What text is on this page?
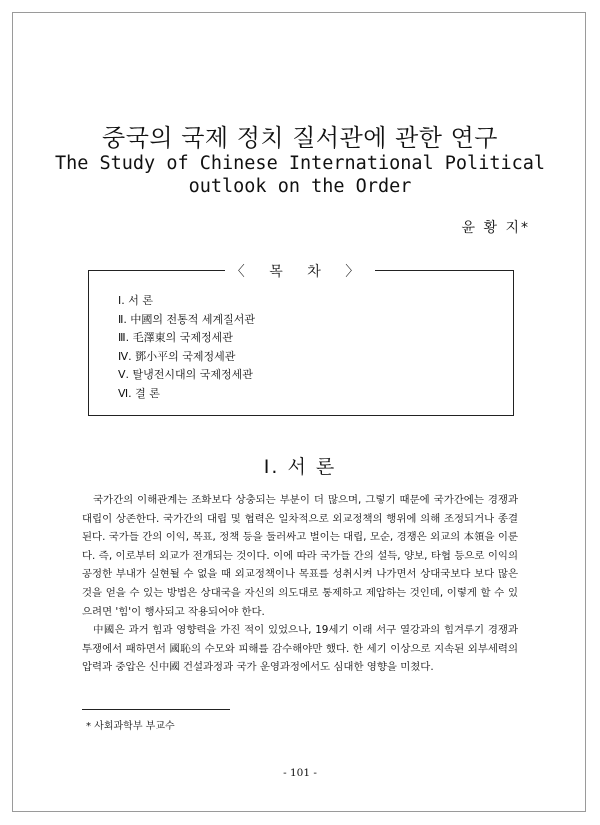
중국의 국제 정치 질서관에 관한 연구
The Study of Chinese International Political
outlook on the Order
윤 황 지*
〈 목 차 〉
Ⅰ. 서 론
Ⅱ. 中國의 전통적 세계질서관
Ⅲ. 毛澤東의 국제정세관
Ⅳ. 鄧小平의 국제정세관
Ⅴ. 탈냉전시대의 국제정세관
Ⅵ. 결 론
Ⅰ. 서 론

국가간의 이해관계는 조화보다 상충되는 부분이 더 많으며, 그렇기 때문에 국가간에는 경쟁과 대립이 상존한다. 국가간의 대립 및 협력은 일차적으로 외교정책의 행위에 의해 조정되거나 종결된다. 국가들 간의 이익, 목표, 정책 등을 둘러싸고 벌이는 대립, 모순, 경쟁은 외교의 本領을 이룬다. 즉, 이로부터 외교가 전개되는 것이다. 이에 따라 국가들 간의 설득, 양보, 타협 등으로 이익의 공정한 부내가 실현될 수 없을 때 외교정책이나 목표를 성취시켜 나가면서 상대국보다 보다 많은 것을 얻을 수 있는 방법은 상대국을 자신의 의도대로 통제하고 제압하는 것인데, 이렇게 할 수 있으려면 '힘'이 행사되고 작용되어야 한다.

中國은 과거 힘과 영향력을 가진 적이 있었으나, 19세기 이래 서구 열강과의 힘겨루기 경쟁과 투쟁에서 패하면서 國恥의 수모와 피해를 감수해야만 했다. 한 세기 이상으로 지속된 외부세력의 압력과 중압은 신中國 건설과정과 국가 운영과정에서도 심대한 영향을 미쳤다.

* 사회과학부 부교수
- 101 -
